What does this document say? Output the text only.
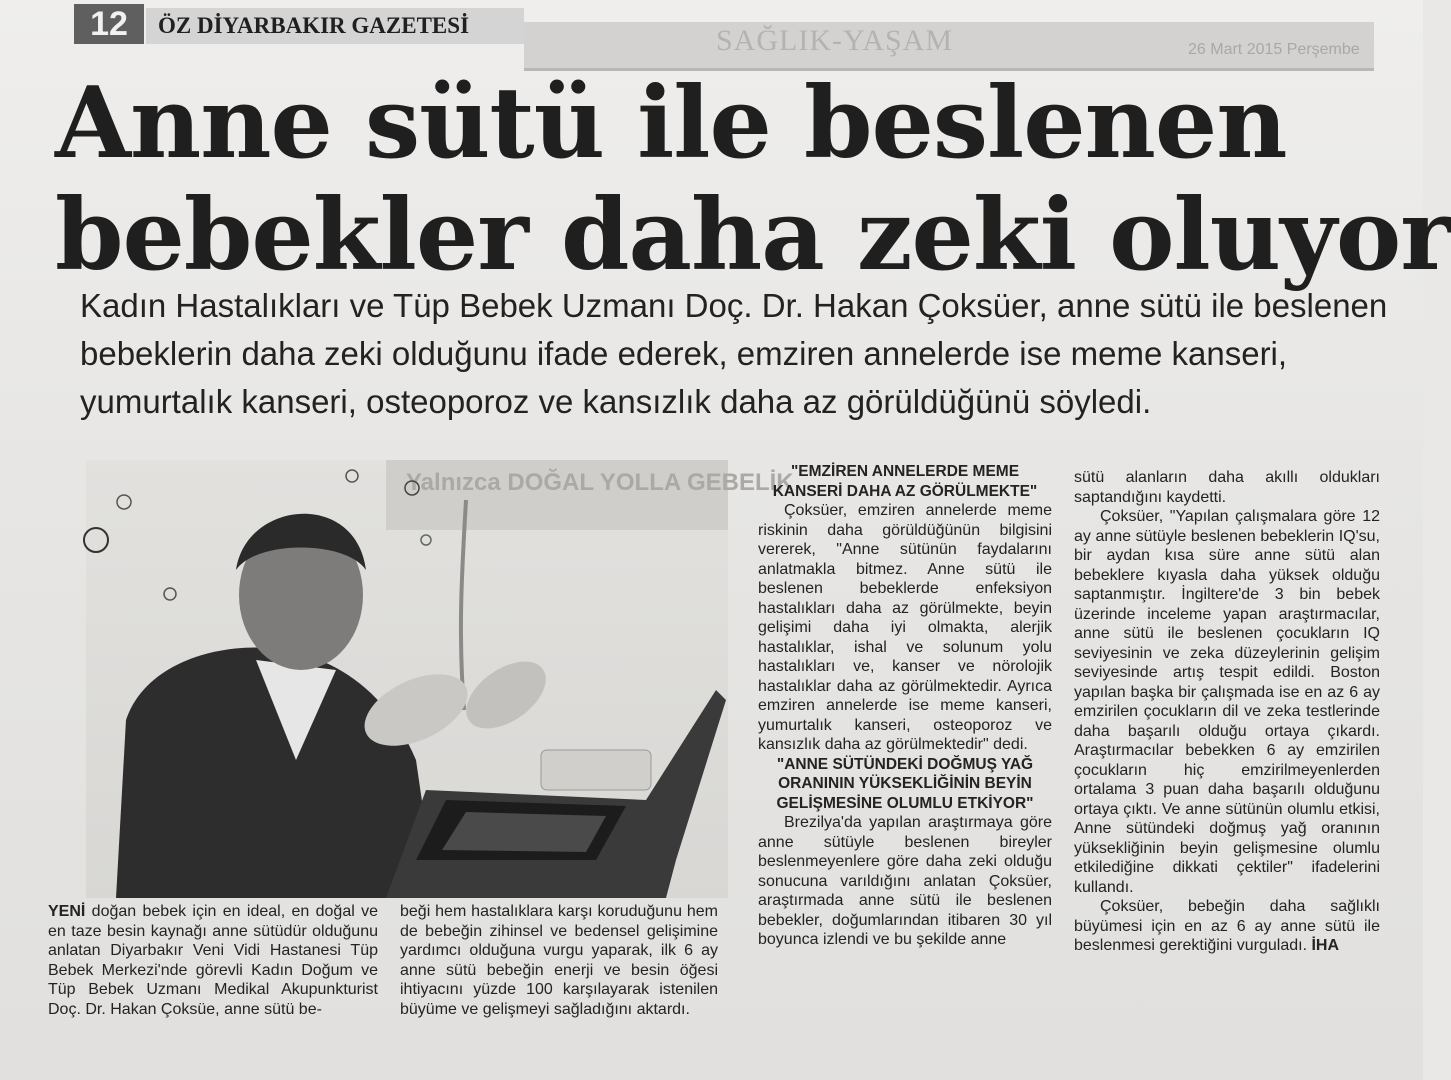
12	ÖZ DİYARBAKIR GAZETESİ	SAĞLIK-YAŞAM	26 Mart 2015 Perşembe
Anne sütü ile beslenen
bebekler daha zeki oluyor
Kadın Hastalıkları ve Tüp Bebek Uzmanı Doç. Dr. Hakan Çoksüer, anne sütü ile beslenen bebeklerin daha zeki olduğunu ifade ederek, emziren annelerde ise meme kanseri, yumurtalık kanseri, osteoporoz ve kansızlık daha az görüldüğünü söyledi.
Yalnızca DOĞAL YOLLA GEBELİK

YENİ doğan bebek için en ideal, en doğal ve en taze besin kaynağı anne sütüdür olduğunu anlatan Diyarbakır Veni Vidi Hastanesi Tüp Bebek Merkezi'nde görevli Kadın Doğum ve Tüp Bebek Uzmanı Medikal Akupunkturist Doç. Dr. Hakan Çoksüe, anne sütü be-

beği hem hastalıklara karşı koruduğunu hem de bebeğin zihinsel ve bedensel gelişimine yardımcı olduğuna vurgu yaparak, ilk 6 ay anne sütü bebeğin enerji ve besin öğesi ihtiyacını yüzde 100 karşılayarak istenilen büyüme ve gelişmeyi sağladığını aktardı.

"EMZİREN ANNELERDE MEME KANSERİ DAHA AZ GÖRÜLMEKTE"

Çoksüer, emziren annelerde meme riskinin daha görüldüğünün bilgisini vererek, "Anne sütünün faydalarını anlatmakla bitmez. Anne sütü ile beslenen bebeklerde enfeksiyon hastalıkları daha az görülmekte, beyin gelişimi daha iyi olmakta, alerjik hastalıklar, ishal ve solunum yolu hastalıkları ve, kanser ve nörolojik hastalıklar daha az görülmektedir. Ayrıca emziren annelerde ise meme kanseri, yumurtalık kanseri, osteoporoz ve kansızlık daha az görülmektedir" dedi.

"ANNE SÜTÜNDEKİ DOĞMUŞ YAĞ ORANININ YÜKSEKLİĞİNİN BEYİN GELİŞMESİNE OLUMLU ETKİYOR"

Brezilya'da yapılan araştırmaya göre anne sütüyle beslenen bireyler beslenmeyenlere göre daha zeki olduğu sonucuna varıldığını anlatan Çoksüer, araştırmada anne sütü ile beslenen bebekler, doğumlarından itibaren 30 yıl boyunca izlendi ve bu şekilde anne

sütü alanların daha akıllı oldukları saptandığını kaydetti.

Çoksüer, "Yapılan çalışmalara göre 12 ay anne sütüyle beslenen bebeklerin IQ'su, bir aydan kısa süre anne sütü alan bebeklere kıyasla daha yüksek olduğu saptanmıştır. İngiltere'de 3 bin bebek üzerinde inceleme yapan araştırmacılar, anne sütü ile beslenen çocukların IQ seviyesinin ve zeka düzeylerinin gelişim seviyesinde artış tespit edildi. Boston yapılan başka bir çalışmada ise en az 6 ay emzirilen çocukların dil ve zeka testlerinde daha başarılı olduğu ortaya çıkardı. Araştırmacılar bebekken 6 ay emzirilen çocukların hiç emzirilmeyenlerden ortalama 3 puan daha başarılı olduğunu ortaya çıktı. Ve anne sütünün olumlu etkisi, Anne sütündeki doğmuş yağ oranının yüksekliğinin beyin gelişmesine olumlu etkilediğine dikkati çektiler" ifadelerini kullandı.

Çoksüer, bebeğin daha sağlıklı büyümesi için en az 6 ay anne sütü ile beslenmesi gerektiğini vurguladı. İHA
